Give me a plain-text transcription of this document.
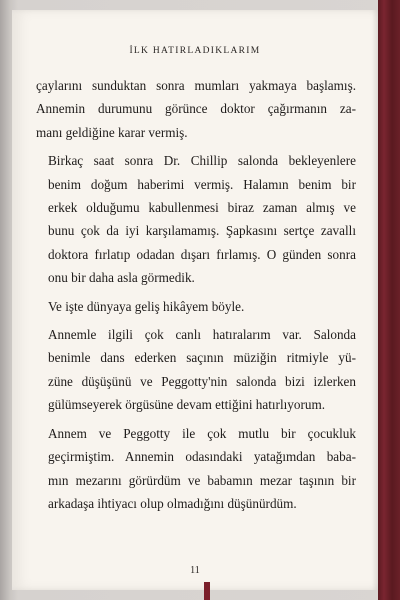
İLK HATIRLADIKLARIM

çaylarını sunduktan sonra mumları yakmaya başlamış.
Annemin durumunu görünce doktor çağırmanın za-
manı geldiğine karar vermiş.

Birkaç saat sonra Dr. Chillip salonda bekleyenlere
benim doğum haberimi vermiş. Halamın benim bir
erkek olduğumu kabullenmesi biraz zaman almış ve
bunu çok da iyi karşılamamış. Şapkasını sertçe zavallı
doktora fırlatıp odadan dışarı fırlamış. O günden sonra
onu bir daha asla görmedik.

Ve işte dünyaya geliş hikâyem böyle.

Annemle ilgili çok canlı hatıralarım var. Salonda
benimle dans ederken saçının müziğin ritmiyle yü-
züne düşüşünü ve Peggotty'nin salonda bizi izlerken
gülümseyerek örgüsüne devam ettiğini hatırlıyorum.

Annem ve Peggotty ile çok mutlu bir çocukluk
geçirmiştim. Annemin odasındaki yatağımdan baba-
mın mezarını görürdüm ve babamın mezar taşının bir
arkadaşa ihtiyacı olup olmadığını düşünürdüm.

11
